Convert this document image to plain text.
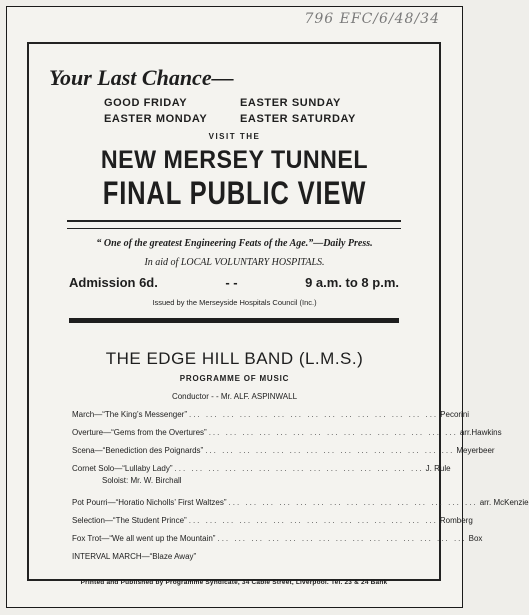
796 EFC/6/48/34
Your Last Chance—
GOOD FRIDAY	EASTER SUNDAY
EASTER MONDAY	EASTER SATURDAY
VISIT THE
NEW MERSEY TUNNEL
FINAL PUBLIC VIEW
“ One of the greatest Engineering Feats of the Age.”—Daily Press.
In aid of LOCAL VOLUNTARY HOSPITALS.
Admission 6d.	- -	9 a.m. to 8 p.m.
Issued by the Merseyside Hospitals Council (Inc.)
THE EDGE HILL BAND (L.M.S.)
PROGRAMME OF MUSIC
Conductor - - Mr. ALF. ASPINWALL
March—“The King’s Messenger” ... ... ... ... ... ... ... ... ... ... ... ... ... ... ... Pecorini
Overture—“Gems from the Overtures” ... ... ... ... ... ... ... ... ... ... ... ... ... ... ... arr.Hawkins
Scena—“Benediction des Poignards” ... ... ... ... ... ... ... ... ... ... ... ... ... ... ... Meyerbeer
Cornet Solo—“Lullaby Lady” ... ... ... ... ... ... ... ... ... ... ... ... ... ... ... J. Rule
Soloist: Mr. W. Birchall
Pot Pourri—“Horatio Nicholls’ First Waltzes” ... ... ... ... ... ... ... ... ... ... ... ... ... ... ... arr. McKenzie
Selection—“The Student Prince” ... ... ... ... ... ... ... ... ... ... ... ... ... ... ... Romberg
Fox Trot—“We all went up the Mountain” ... ... ... ... ... ... ... ... ... ... ... ... ... ... ... Box
INTERVAL MARCH—“Blaze Away”
Printed and Published by Programme Syndicate, 34 Cable Street, Liverpool. Tel. 23 & 24 Bank
